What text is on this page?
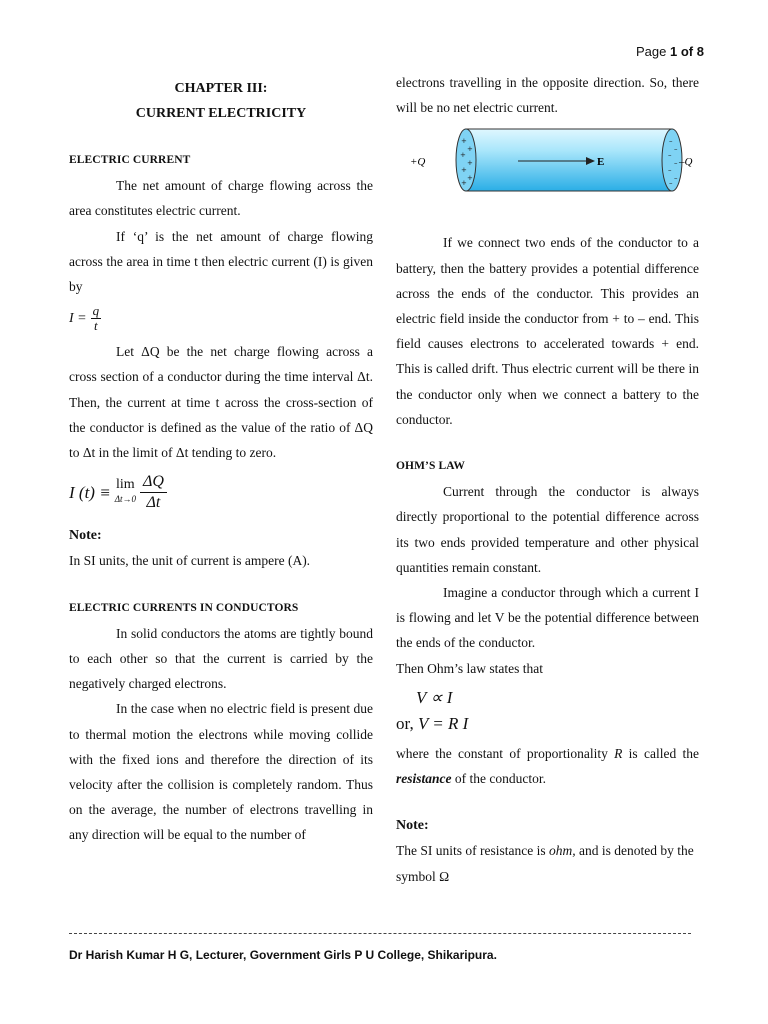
Page 1 of 8
CHAPTER III:
CURRENT ELECTRICITY
ELECTRIC CURRENT

The net amount of charge flowing across the area constitutes electric current.

If ‘q’ is the net amount of charge flowing across the area in time t then electric current (I) is given by

$I = \frac{q}{t}$

Let ΔQ be the net charge flowing across a cross section of a conductor during the time interval Δt. Then, the current at time t across the cross-section of the conductor is defined as the value of the ratio of ΔQ to Δt in the limit of Δt tending to zero.

I (t) ≡ lim
$\Delta t\to 0 \frac{\Delta Q}{\Delta t}$
Note:

In SI units, the unit of current is ampere (A).

ELECTRIC CURRENTS IN CONDUCTORS

In solid conductors the atoms are tightly bound to each other so that the current is carried by the negatively charged electrons.

In the case when no electric field is present due to thermal motion the electrons while moving collide with the fixed ions and therefore the direction of its velocity after the collision is completely random. Thus on the average, the number of electrons travelling in any direction will be equal to the number of

electrons travelling in the opposite direction. So, there will be no net electric current.

+
+
+
+
+
+
+
–
–
–
–
–
–
–
E
+Q	–Q

If we connect two ends of the conductor to a battery, then the battery provides a potential difference across the ends of the conductor. This provides an electric field inside the conductor from + to – end. This field causes electrons to accelerated towards + end. This is called drift. Thus electric current will be there in the conductor only when we connect a battery to the conductor.

OHM’S LAW

Current through the conductor is always directly proportional to the potential difference across its two ends provided temperature and other physical quantities remain constant.

Imagine a conductor through which a current I is flowing and let V be the potential difference between the ends of the conductor.

Then Ohm’s law states that

V ∝ I
or, V = R I

where the constant of proportionality R is called the resistance of the conductor.

Note:

The SI units of resistance is ohm, and is denoted by the symbol Ω

Dr Harish Kumar H G, Lecturer, Government Girls P U College, Shikaripura.
